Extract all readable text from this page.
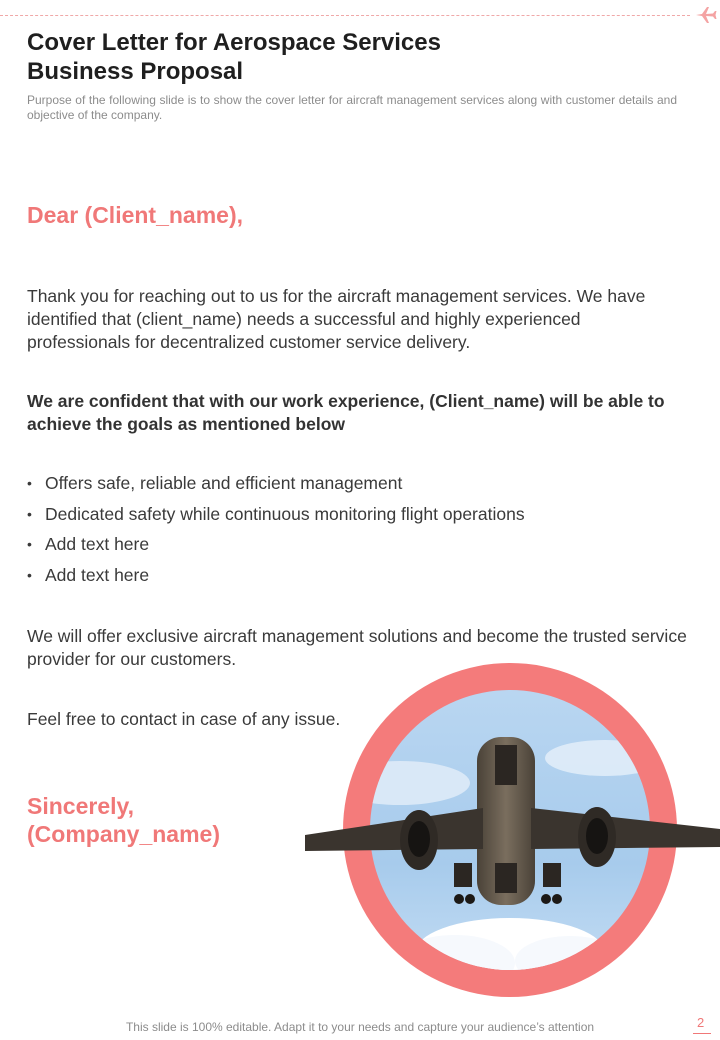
Cover Letter for Aerospace Services
Business Proposal

Purpose of the following slide is to show the cover letter for aircraft management services along with customer details and objective of the company.

Dear (Client_name),

Thank you for reaching out to us for the aircraft management services. We have identified that (client_name) needs a successful and highly experienced professionals for decentralized customer service delivery.

We are confident that with our work experience, (Client_name) will be able to achieve the goals as mentioned below

• Offers safe, reliable and efficient management
• Dedicated safety while continuous monitoring flight operations
• Add text here
• Add text here

We will offer exclusive aircraft management solutions and become the trusted service provider for our customers.

Feel free to contact in case of any issue.

Sincerely,
(Company_name)
This slide is 100% editable. Adapt it to your needs and capture your audience’s attention	2
